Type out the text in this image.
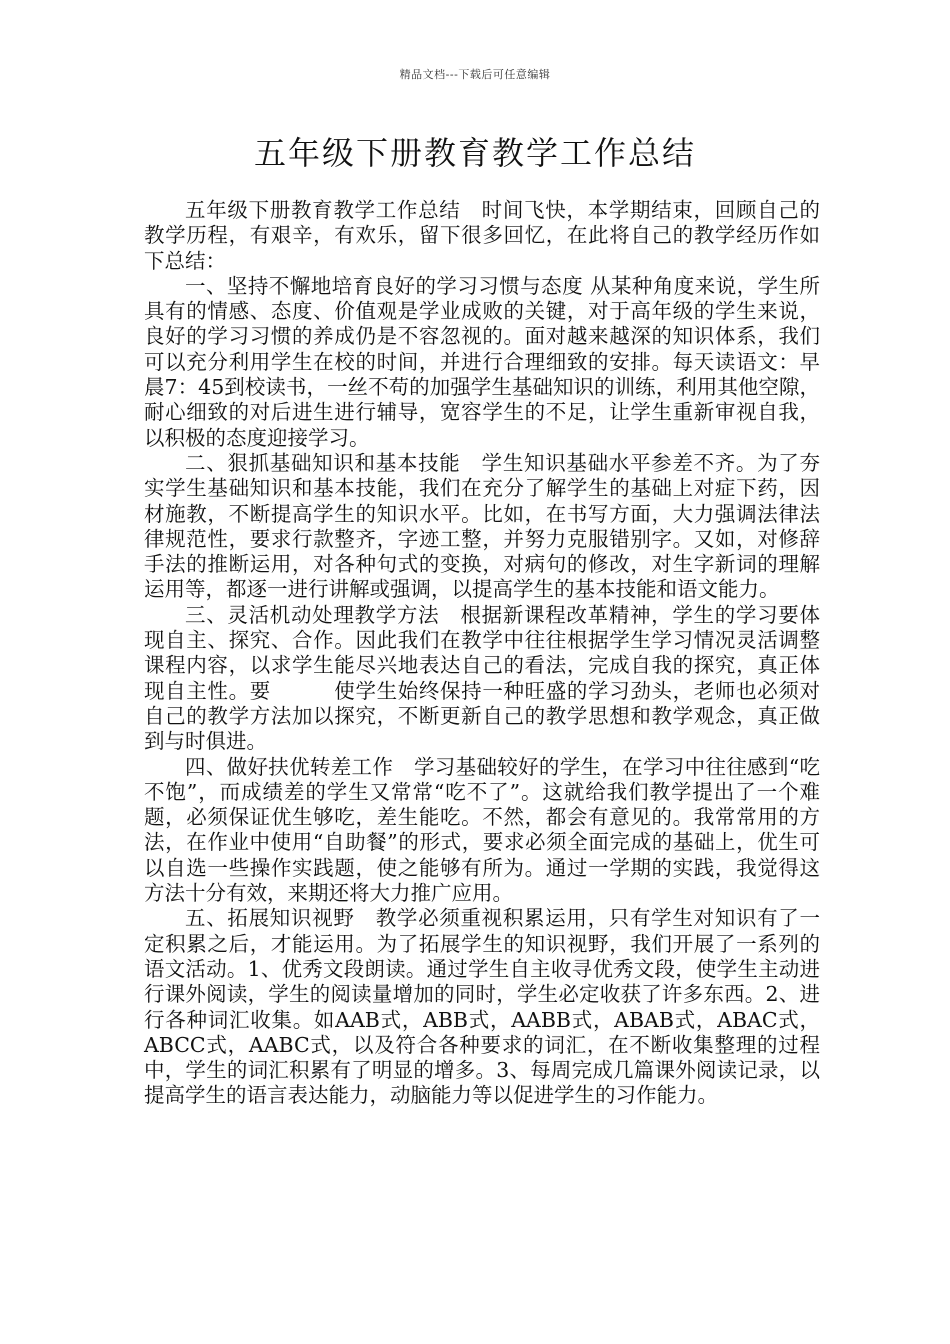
精品文档---下载后可任意编辑
五年级下册教育教学工作总结

五年级下册教育教学工作总结　时间飞快，本学期结束，回顾自己的教学历程，有艰辛，有欢乐，留下很多回忆，在此将自己的教学经历作如下总结：

一、坚持不懈地培育良好的学习习惯与态度 从某种角度来说，学生所具有的情感、态度、价值观是学业成败的关键，对于高年级的学生来说，良好的学习习惯的养成仍是不容忽视的。面对越来越深的知识体系，我们可以充分利用学生在校的时间，并进行合理细致的安排。每天读语文：早晨7：45到校读书，一丝不苟的加强学生基础知识的训练，利用其他空隙，耐心细致的对后进生进行辅导，宽容学生的不足，让学生重新审视自我，以积极的态度迎接学习。

二、狠抓基础知识和基本技能　学生知识基础水平参差不齐。为了夯实学生基础知识和基本技能，我们在充分了解学生的基础上对症下药，因材施教，不断提高学生的知识水平。比如，在书写方面，大力强调法律法律规范性，要求行款整齐，字迹工整，并努力克服错别字。又如，对修辞手法的推断运用，对各种句式的变换，对病句的修改，对生字新词的理解运用等，都逐一进行讲解或强调，以提高学生的基本技能和语文能力。

三、灵活机动处理教学方法　根据新课程改革精神，学生的学习要体现自主、探究、合作。因此我们在教学中往往根据学生学习情况灵活调整课程内容，以求学生能尽兴地表达自己的看法，完成自我的探究，真正体现自主性。要　　　使学生始终保持一种旺盛的学习劲头，老师也必须对自己的教学方法加以探究，不断更新自己的教学思想和教学观念，真正做到与时俱进。

四、做好扶优转差工作　学习基础较好的学生，在学习中往往感到“吃不饱”，而成绩差的学生又常常“吃不了”。这就给我们教学提出了一个难题，必须保证优生够吃，差生能吃。不然，都会有意见的。我常常用的方法，在作业中使用“自助餐”的形式，要求必须全面完成的基础上，优生可以自选一些操作实践题，使之能够有所为。通过一学期的实践，我觉得这方法十分有效，来期还将大力推广应用。

五、拓展知识视野　教学必须重视积累运用，只有学生对知识有了一定积累之后，才能运用。为了拓展学生的知识视野，我们开展了一系列的语文活动。1、优秀文段朗读。通过学生自主收寻优秀文段，使学生主动进行课外阅读，学生的阅读量增加的同时，学生必定收获了许多东西。2、进行各种词汇收集。如AAB式，ABB式，AABB式，ABAB式，ABAC式，ABCC式，AABC式，以及符合各种要求的词汇，在不断收集整理的过程中，学生的词汇积累有了明显的增多。3、每周完成几篇课外阅读记录，以提高学生的语言表达能力，动脑能力等以促进学生的习作能力。
